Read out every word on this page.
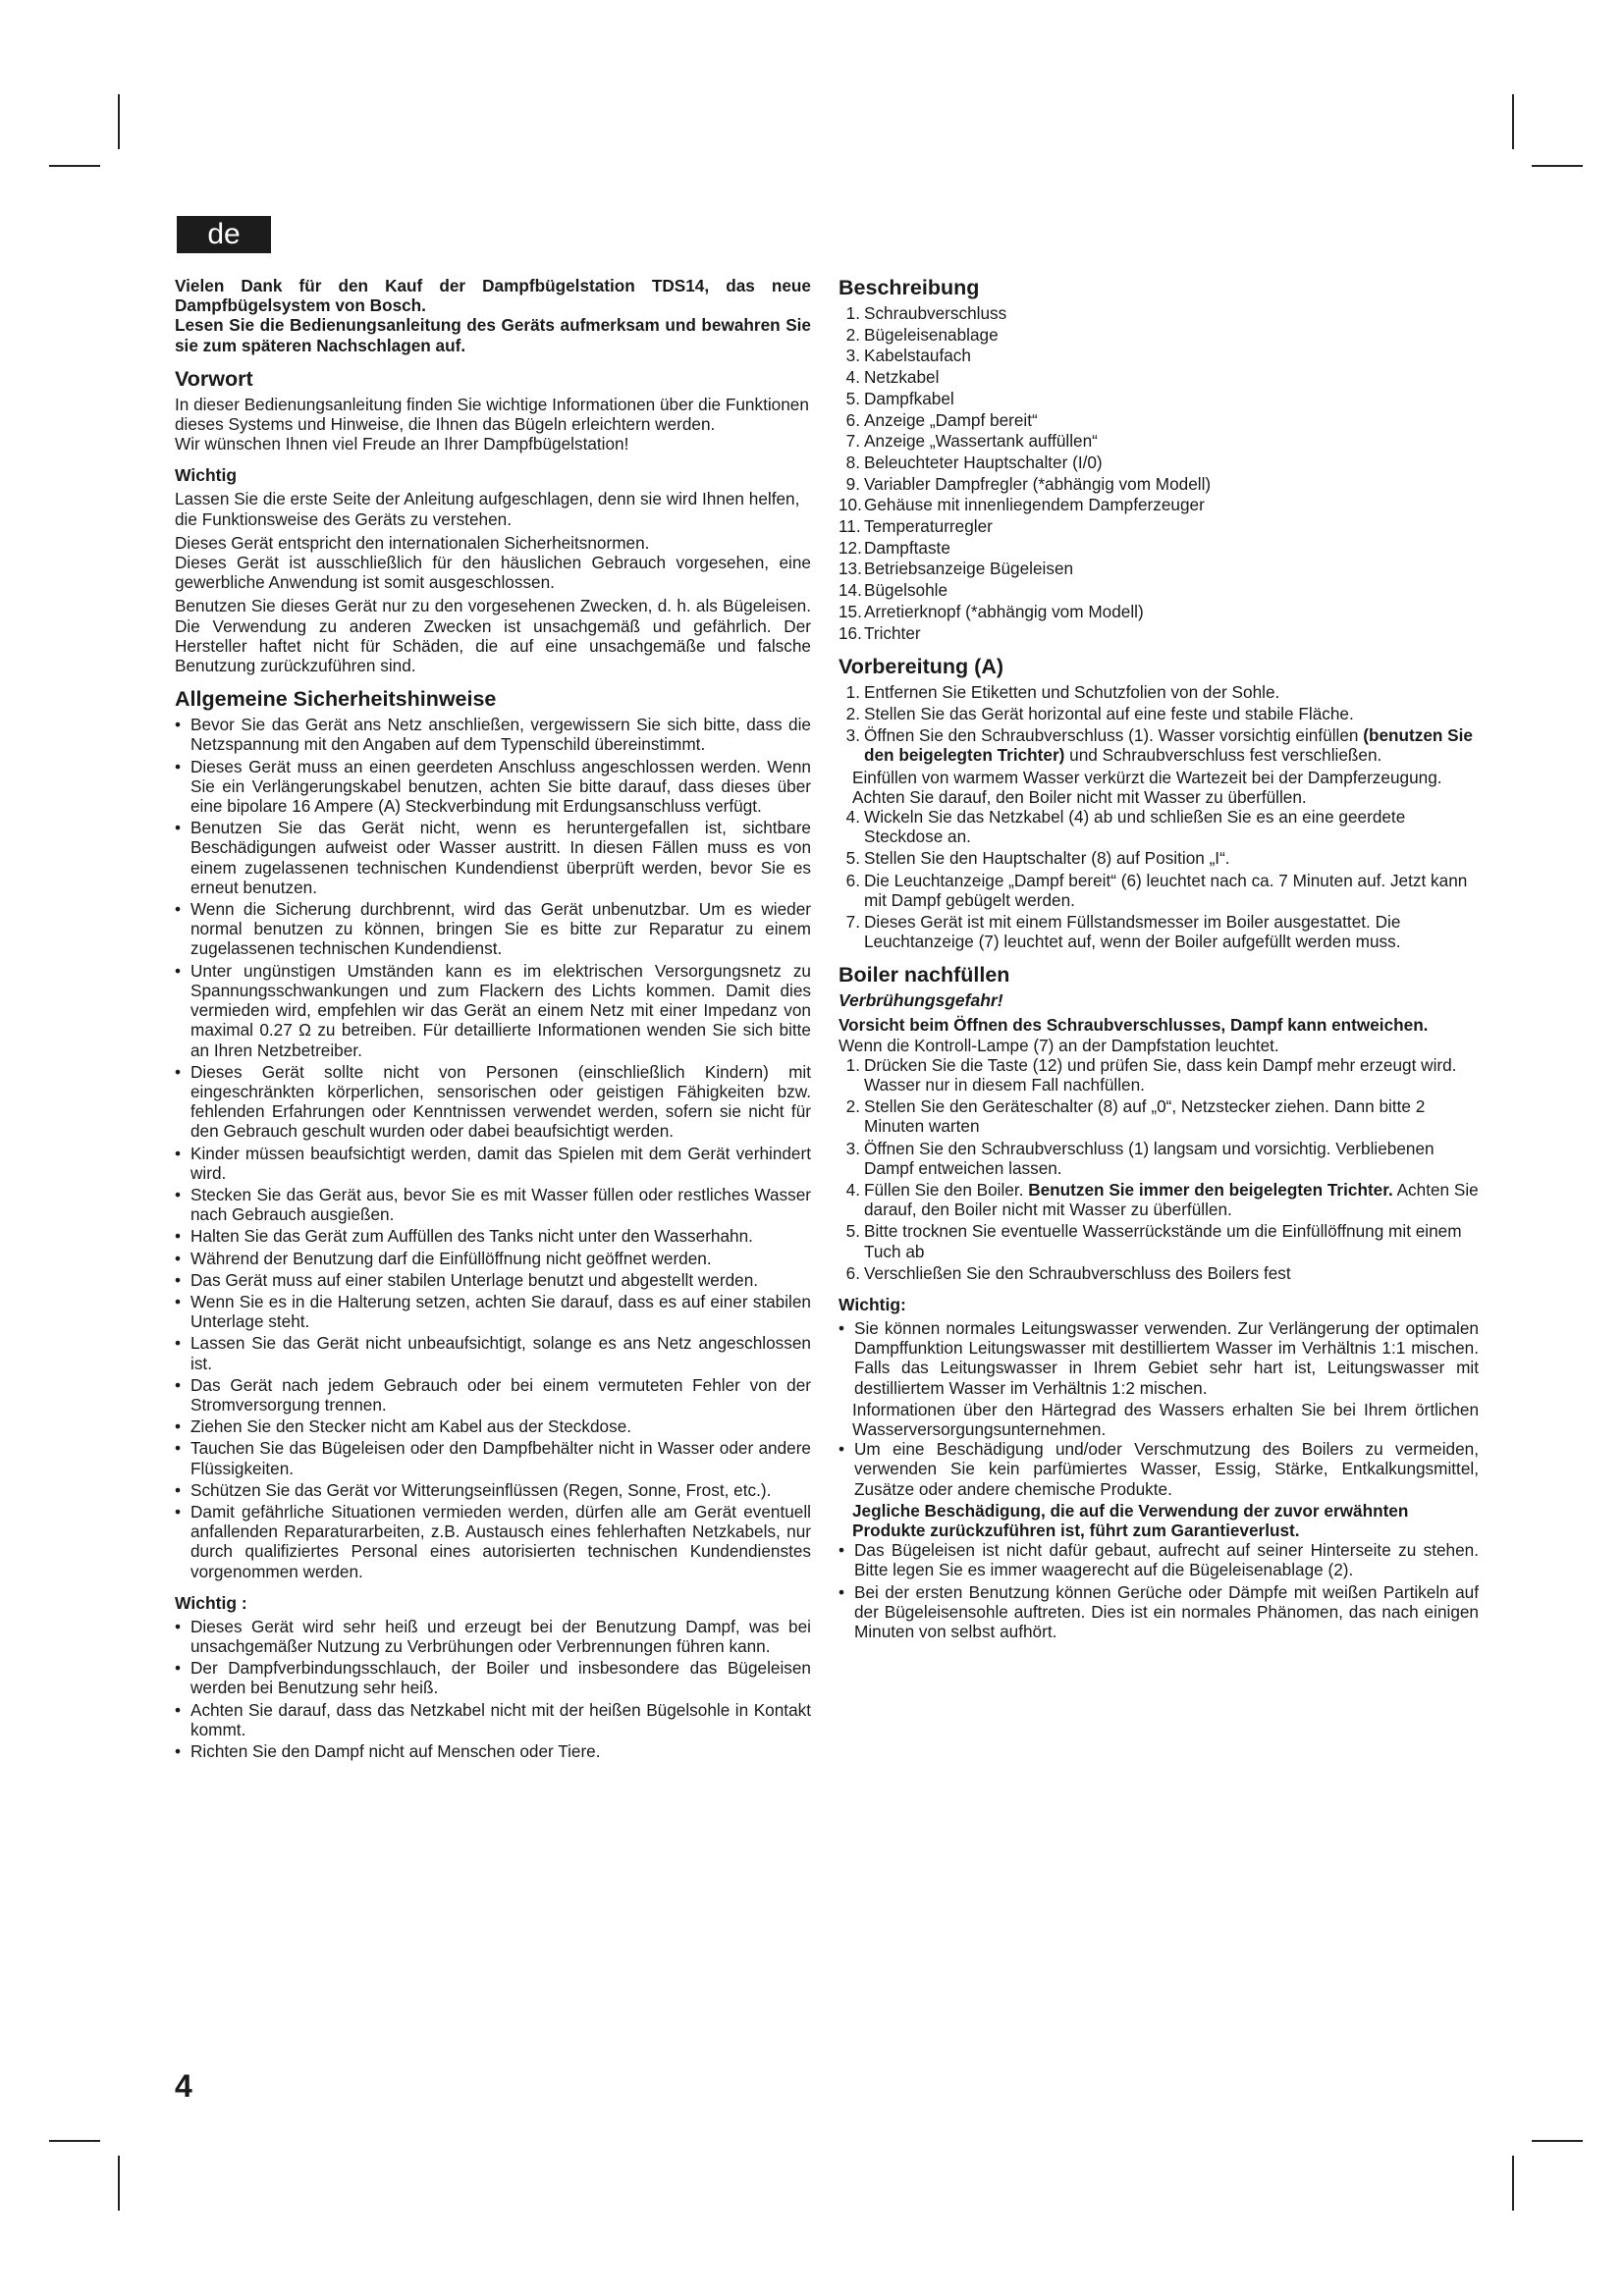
de

Vielen Dank für den Kauf der Dampfbügelstation TDS14, das neue Dampfbügelsystem von Bosch.

Lesen Sie die Bedienungsanleitung des Geräts aufmerksam und bewahren Sie sie zum späteren Nachschlagen auf.

Vorwort

In dieser Bedienungsanleitung finden Sie wichtige Informationen über die Funktionen dieses Systems und Hinweise, die Ihnen das Bügeln erleichtern werden.

Wir wünschen Ihnen viel Freude an Ihrer Dampfbügelstation!

Wichtig

Lassen Sie die erste Seite der Anleitung aufgeschlagen, denn sie wird Ihnen helfen, die Funktionsweise des Geräts zu verstehen.

Dieses Gerät entspricht den internationalen Sicherheitsnormen.

Dieses Gerät ist ausschließlich für den häuslichen Gebrauch vorgesehen, eine gewerbliche Anwendung ist somit ausgeschlossen.

Benutzen Sie dieses Gerät nur zu den vorgesehenen Zwecken, d. h. als Bügeleisen. Die Verwendung zu anderen Zwecken ist unsachgemäß und gefährlich. Der Hersteller haftet nicht für Schäden, die auf eine unsachgemäße und falsche Benutzung zurückzuführen sind.

Allgemeine Sicherheitshinweise
• Bevor Sie das Gerät ans Netz anschließen, vergewissern Sie sich bitte, dass die Netzspannung mit den Angaben auf dem Typenschild übereinstimmt.
• Dieses Gerät muss an einen geerdeten Anschluss angeschlossen werden. Wenn Sie ein Verlängerungskabel benutzen, achten Sie bitte darauf, dass dieses über eine bipolare 16 Ampere (A) Steckverbindung mit Erdungsanschluss verfügt.
• Benutzen Sie das Gerät nicht, wenn es heruntergefallen ist, sichtbare Beschädigungen aufweist oder Wasser austritt. In diesen Fällen muss es von einem zugelassenen technischen Kundendienst überprüft werden, bevor Sie es erneut benutzen.
• Wenn die Sicherung durchbrennt, wird das Gerät unbenutzbar. Um es wieder normal benutzen zu können, bringen Sie es bitte zur Reparatur zu einem zugelassenen technischen Kundendienst.
• Unter ungünstigen Umständen kann es im elektrischen Versorgungsnetz zu Spannungsschwankungen und zum Flackern des Lichts kommen. Damit dies vermieden wird, empfehlen wir das Gerät an einem Netz mit einer Impedanz von maximal 0.27 Ω zu betreiben. Für detaillierte Informationen wenden Sie sich bitte an Ihren Netzbetreiber.
• Dieses Gerät sollte nicht von Personen (einschließlich Kindern) mit eingeschränkten körperlichen, sensorischen oder geistigen Fähigkeiten bzw. fehlenden Erfahrungen oder Kenntnissen verwendet werden, sofern sie nicht für den Gebrauch geschult wurden oder dabei beaufsichtigt werden.
• Kinder müssen beaufsichtigt werden, damit das Spielen mit dem Gerät verhindert wird.
• Stecken Sie das Gerät aus, bevor Sie es mit Wasser füllen oder restliches Wasser nach Gebrauch ausgießen.
• Halten Sie das Gerät zum Auffüllen des Tanks nicht unter den Wasserhahn.
• Während der Benutzung darf die Einfüllöffnung nicht geöffnet werden.
• Das Gerät muss auf einer stabilen Unterlage benutzt und abgestellt werden.
• Wenn Sie es in die Halterung setzen, achten Sie darauf, dass es auf einer stabilen Unterlage steht.
• Lassen Sie das Gerät nicht unbeaufsichtigt, solange es ans Netz angeschlossen ist.
• Das Gerät nach jedem Gebrauch oder bei einem vermuteten Fehler von der Stromversorgung trennen.
• Ziehen Sie den Stecker nicht am Kabel aus der Steckdose.
• Tauchen Sie das Bügeleisen oder den Dampfbehälter nicht in Wasser oder andere Flüssigkeiten.
• Schützen Sie das Gerät vor Witterungseinflüssen (Regen, Sonne, Frost, etc.).
• Damit gefährliche Situationen vermieden werden, dürfen alle am Gerät eventuell anfallenden Reparaturarbeiten, z.B. Austausch eines fehlerhaften Netzkabels, nur durch qualifiziertes Personal eines autorisierten technischen Kundendienstes vorgenommen werden.
Wichtig :
• Dieses Gerät wird sehr heiß und erzeugt bei der Benutzung Dampf, was bei unsachgemäßer Nutzung zu Verbrühungen oder Verbrennungen führen kann.
• Der Dampfverbindungsschlauch, der Boiler und insbesondere das Bügeleisen werden bei Benutzung sehr heiß.
• Achten Sie darauf, dass das Netzkabel nicht mit der heißen Bügelsohle in Kontakt kommt.
• Richten Sie den Dampf nicht auf Menschen oder Tiere.
Beschreibung
1. Schraubverschluss
2. Bügeleisenablage
3. Kabelstaufach
4. Netzkabel
5. Dampfkabel
6. Anzeige „Dampf bereit“
7. Anzeige „Wassertank auffüllen“
8. Beleuchteter Hauptschalter (I/0)
9. Variabler Dampfregler (*abhängig vom Modell)
10. Gehäuse mit innenliegendem Dampferzeuger
11. Temperaturregler
12. Dampftaste
13. Betriebsanzeige Bügeleisen
14. Bügelsohle
15. Arretierknopf (*abhängig vom Modell)
16. Trichter
Vorbereitung (A)
1. Entfernen Sie Etiketten und Schutzfolien von der Sohle.
2. Stellen Sie das Gerät horizontal auf eine feste und stabile Fläche.
3. Öffnen Sie den Schraubverschluss (1). Wasser vorsichtig einfüllen (benutzen Sie den beigelegten Trichter) und Schraubverschluss fest verschließen.

Einfüllen von warmem Wasser verkürzt die Wartezeit bei der Dampferzeugung.

Achten Sie darauf, den Boiler nicht mit Wasser zu überfüllen.

4. Wickeln Sie das Netzkabel (4) ab und schließen Sie es an eine geerdete Steckdose an.
5. Stellen Sie den Hauptschalter (8) auf Position „I“.
6. Die Leuchtanzeige „Dampf bereit“ (6) leuchtet nach ca. 7 Minuten auf. Jetzt kann mit Dampf gebügelt werden.
7. Dieses Gerät ist mit einem Füllstandsmesser im Boiler ausgestattet. Die Leuchtanzeige (7) leuchtet auf, wenn der Boiler aufgefüllt werden muss.
Boiler nachfüllen

Verbrühungsgefahr!

Vorsicht beim Öffnen des Schraubverschlusses, Dampf kann entweichen.

Wenn die Kontroll-Lampe (7) an der Dampfstation leuchtet.

1. Drücken Sie die Taste (12) und prüfen Sie, dass kein Dampf mehr erzeugt wird. Wasser nur in diesem Fall nachfüllen.
2. Stellen Sie den Geräteschalter (8) auf „0“, Netzstecker ziehen. Dann bitte 2 Minuten warten
3. Öffnen Sie den Schraubverschluss (1) langsam und vorsichtig. Verbliebenen Dampf entweichen lassen.
4. Füllen Sie den Boiler. Benutzen Sie immer den beigelegten Trichter. Achten Sie darauf, den Boiler nicht mit Wasser zu überfüllen.
5. Bitte trocknen Sie eventuelle Wasserrückstände um die Einfüllöffnung mit einem Tuch ab
6. Verschließen Sie den Schraubverschluss des Boilers fest
Wichtig:
• Sie können normales Leitungswasser verwenden. Zur Verlängerung der optimalen Dampffunktion Leitungswasser mit destilliertem Wasser im Verhältnis 1:1 mischen. Falls das Leitungswasser in Ihrem Gebiet sehr hart ist, Leitungswasser mit destilliertem Wasser im Verhältnis 1:2 mischen.

Informationen über den Härtegrad des Wassers erhalten Sie bei Ihrem örtlichen Wasserversorgungsunternehmen.

• Um eine Beschädigung und/oder Verschmutzung des Boilers zu vermeiden, verwenden Sie kein parfümiertes Wasser, Essig, Stärke, Entkalkungsmittel, Zusätze oder andere chemische Produkte.

Jegliche Beschädigung, die auf die Verwendung der zuvor erwähnten Produkte zurückzuführen ist, führt zum Garantieverlust.

• Das Bügeleisen ist nicht dafür gebaut, aufrecht auf seiner Hinterseite zu stehen. Bitte legen Sie es immer waagerecht auf die Bügeleisenablage (2).
• Bei der ersten Benutzung können Gerüche oder Dämpfe mit weißen Partikeln auf der Bügeleisensohle auftreten. Dies ist ein normales Phänomen, das nach einigen Minuten von selbst aufhört.
4
